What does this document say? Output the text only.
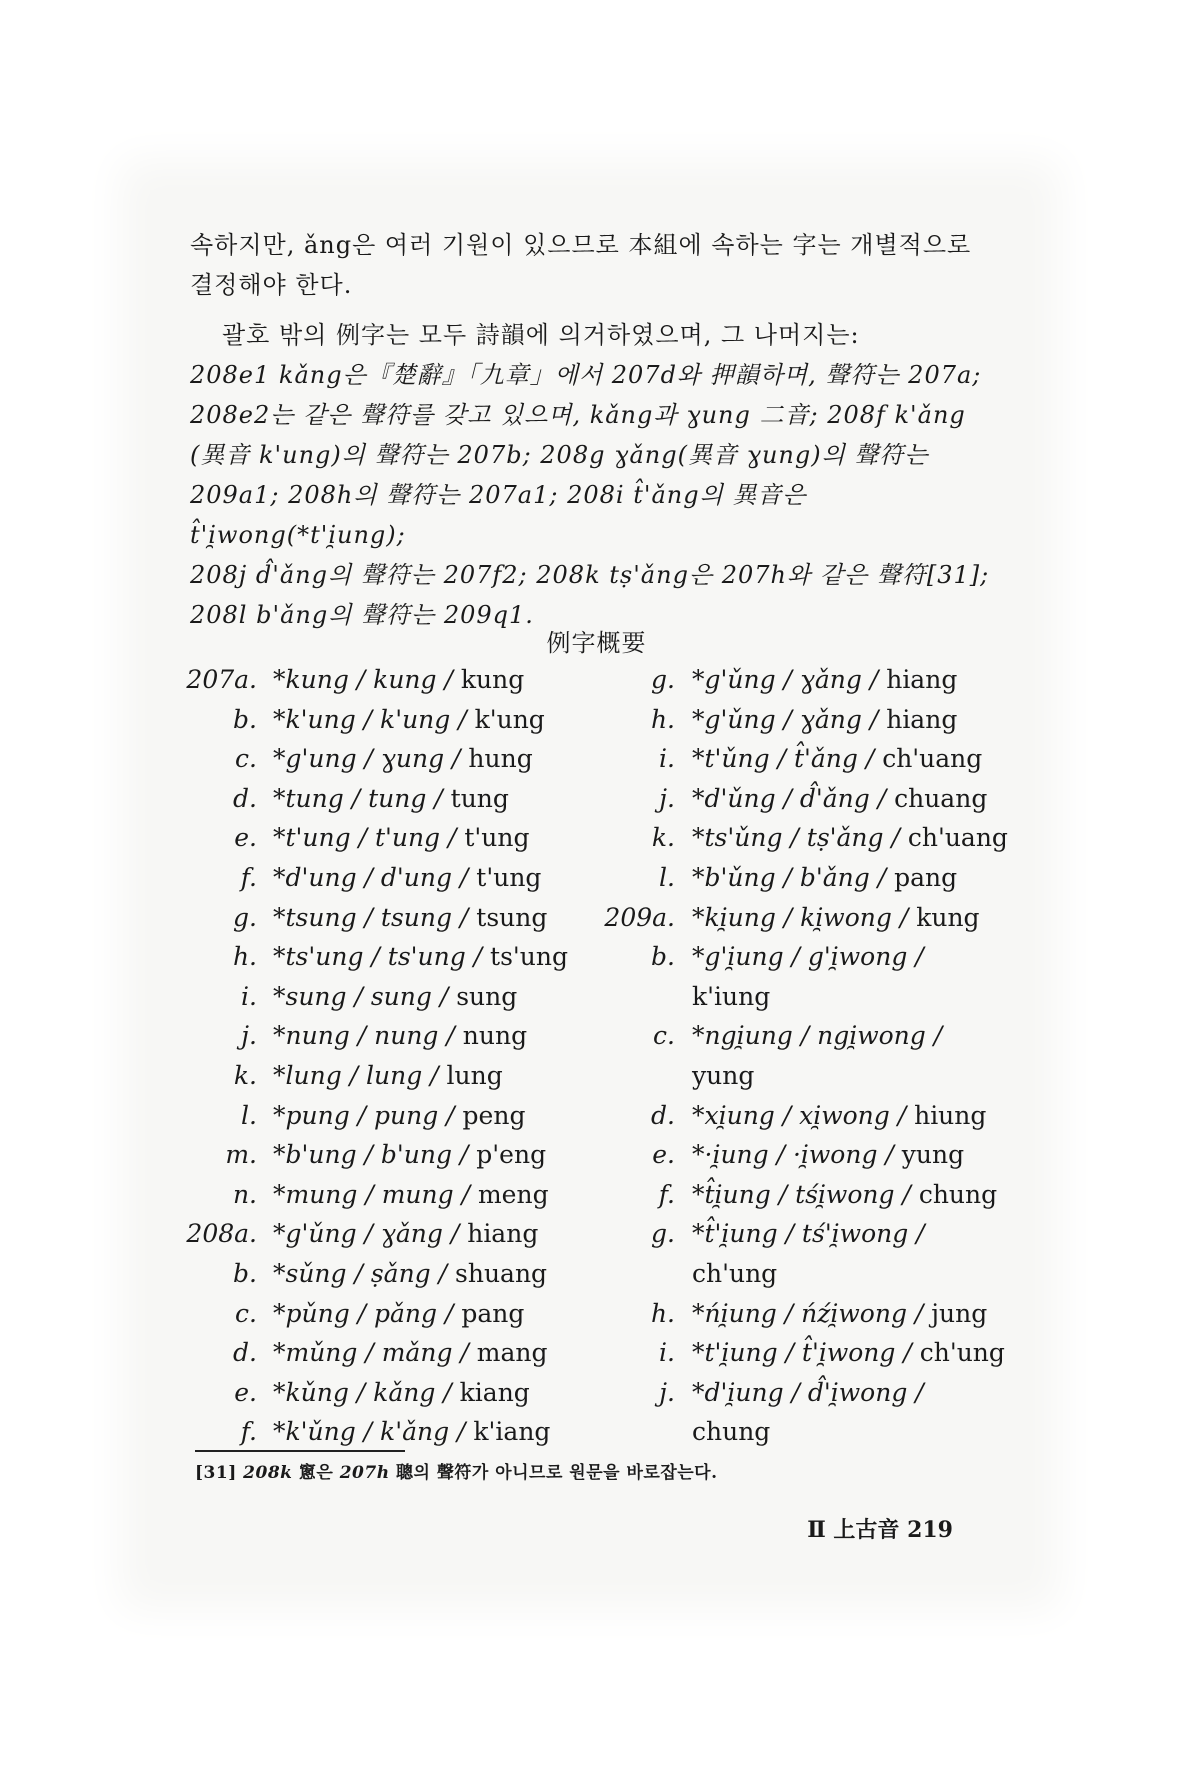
속하지만, ǎng은 여러 기원이 있으므로 本組에 속하는 字는 개별적으로 결정해야 한다.
괄호 밖의 例字는 모두 詩韻에 의거하였으며, 그 나머지는:
208e1 kǎng은『楚辭』「九章」에서 207d와 押韻하며, 聲符는 207a;
208e2는 같은 聲符를 갖고 있으며, kǎng과 ɣung 二音; 208f k'ǎng
(異音 k'ung)의 聲符는 207b; 208g ɣǎng(異音 ɣung)의 聲符는
209a1; 208h의 聲符는 207a1; 208i t̂'ǎng의 異音은 t̂'i̯wong(*t'i̯ung);
208j d̂'ǎng의 聲符는 207f2; 208k tṣ'ǎng은 207h와 같은 聲符[31];
208l b'ǎng의 聲符는 209q1.
例字概要
207a. *kung / kung / kung
b. *k'ung / k'ung / k'ung
c. *g'ung / ɣung / hung
d. *tung / tung / tung
e. *t'ung / t'ung / t'ung
f. *d'ung / d'ung / t'ung
g. *tsung / tsung / tsung
h. *ts'ung / ts'ung / ts'ung
i. *sung / sung / sung
j. *nung / nung / nung
k. *lung / lung / lung
l. *pung / pung / peng
m. *b'ung / b'ung / p'eng
n. *mung / mung / meng
208a. *g'ǔng / ɣǎng / hiang
b. *sǔng / ṣǎng / shuang
c. *pǔng / pǎng / pang
d. *mǔng / mǎng / mang
e. *kǔng / kǎng / kiang
f. *k'ǔng / k'ǎng / k'iang
g. *g'ǔng / ɣǎng / hiang
h. *g'ǔng / ɣǎng / hiang
i. *t'ǔng / t̂'ǎng / ch'uang
j. *d'ǔng / d̂'ǎng / chuang
k. *ts'ǔng / tṣ'ǎng / ch'uang
l. *b'ǔng / b'ǎng / pang
209a. *ki̯ung / ki̯wong / kung
b. *g'i̯ung / g'i̯wong /
k'iung
c. *ngi̯ung / ngi̯wong /
yung
d. *xi̯ung / xi̯wong / hiung
e. *·i̯ung / ·i̯wong / yung
f. *t̂i̯ung / tśi̯wong / chung
g. *t̂'i̯ung / tś'i̯wong /
ch'ung
h. *ńi̯ung / ńźi̯wong / jung
i. *t'i̯ung / t̂'i̯wong / ch'ung
j. *d'i̯ung / d̂'i̯wong /
chung
[31] 208k 窻은 207h 聰의 聲符가 아니므로 원문을 바로잡는다.
Ⅱ 上古音 219
